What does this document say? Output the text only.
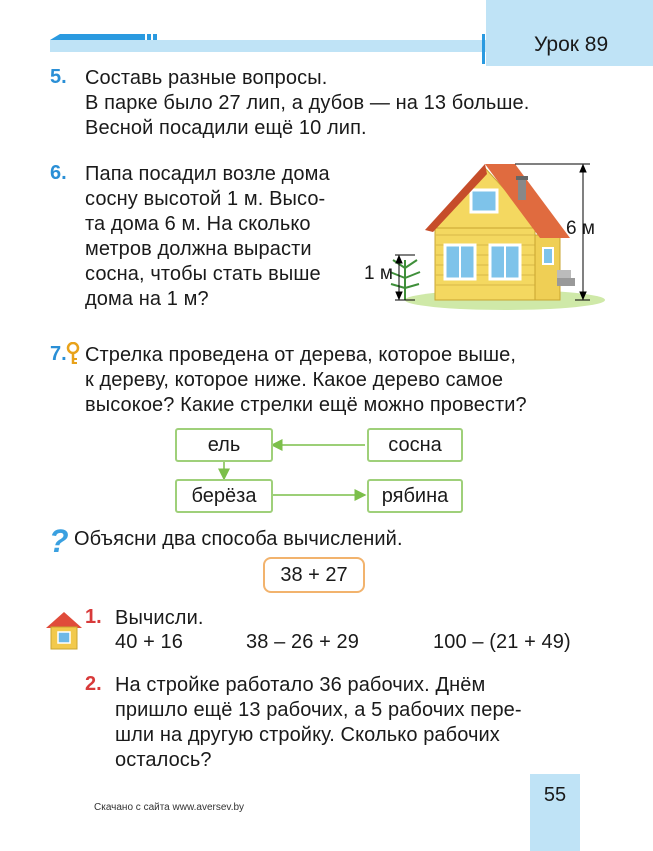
Урок 89
5. Составь разные вопросы.
В парке было 27 лип, а дубов — на 13 больше.
Весной посадили ещё 10 лип.
6. Папа посадил возле дома
сосну высотой 1 м. Высо-
та дома 6 м. На сколько
метров должна вырасти
сосна, чтобы стать выше
дома на 1 м?
1 м
6 м
7. Стрелка проведена от дерева, которое выше,
к дереву, которое ниже. Какое дерево самое
высокое? Какие стрелки ещё можно провести?
ель	сосна
берёза	рябина
? Объясни два способа вычислений.
38 + 27
1. Вычисли.
40 + 16	38 – 26 + 29	100 – (21 + 49)
2. На стройке работало 36 рабочих. Днём
пришло ещё 13 рабочих, а 5 рабочих пере-
шли на другую стройку. Сколько рабочих
осталось?
Скачано с сайта www.aversev.by
55
